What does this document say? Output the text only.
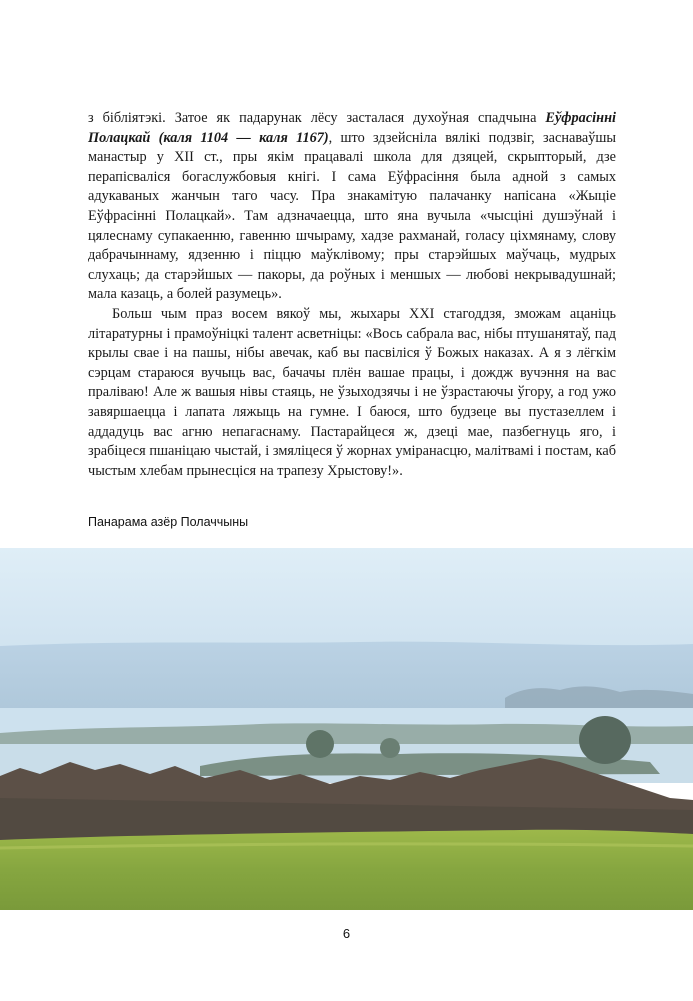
з бібліятэкі. Затое як падарунак лёсу засталася духоўная спадчына Еўфрасінні Полацкай (каля 1104 — каля 1167), што здзейсніла вялікі подзвіг, заснаваўшы манастыр у XII ст., пры якім працавалі школа для дзяцей, скрыпторый, дзе перапісваліся богаслужбовыя кнігі. І сама Еўфрасіння была адной з самых адукаваных жанчын таго часу. Пра знакамітую палачанку напісана «Жыціе Еўфрасінні Полацкай». Там адзначаецца, што яна вучыла «чысціні душэўнай і цялеснаму супакаенню, гавенню шчыраму, хадзе рахманай, голасу ціхмянаму, слову дабрачыннаму, ядзенню і піццю маўклівому; пры старэйшых маўчаць, мудрых слухаць; да старэйшых — пакоры, да роўных і меншых — любові некрывадушнай; мала казаць, а болей разумець».

Больш чым праз восем вякоў мы, жыхары XXI стагоддзя, зможам ацаніць літаратурны і прамоўніцкі талент асветніцы: «Вось сабрала вас, нібы птушанятаў, пад крылы свае і на пашы, нібы авечак, каб вы пасвіліся ў Божых наказах. А я з лёгкім сэрцам стараюся вучыць вас, бачачы плён вашае працы, і дождж вучэння на вас праліваю! Але ж вашыя нівы стаяць, не ўзыходзячы і не ўзрастаючы ўгору, а год ужо завяршаецца і лапата ляжыць на гумне. І баюся, што будзеце вы пустазеллем і аддадуць вас агню непагаснаму. Пастарайцеся ж, дзеці мае, пазбегнуць яго, і зрабіцеся пшаніцаю чыстай, і змяліцеся ў жорнах уміранасцю, малітвамі і постам, каб чыстым хлебам прынесціся на трапезу Хрыстову!».

Панарама азёр Полаччыны
6
